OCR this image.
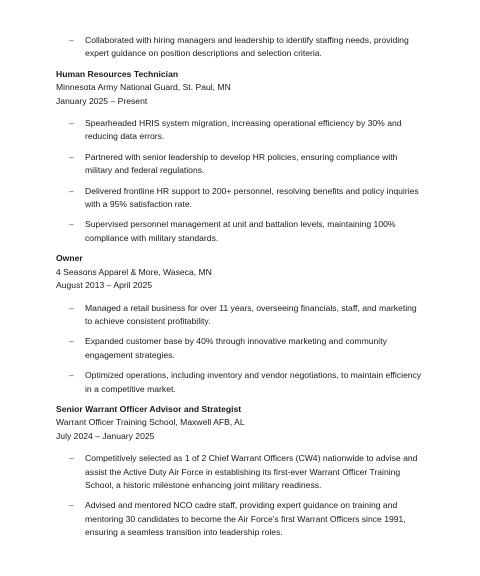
– Collaborated with hiring managers and leadership to identify staffing needs, providing expert guidance on position descriptions and selection criteria.

Human Resources Technician

Minnesota Army National Guard, St. Paul, MN

January 2025 – Present

– Spearheaded HRIS system migration, increasing operational efficiency by 30% and reducing data errors.
– Partnered with senior leadership to develop HR policies, ensuring compliance with military and federal regulations.
– Delivered frontline HR support to 200+ personnel, resolving benefits and policy inquiries with a 95% satisfaction rate.
– Supervised personnel management at unit and battalion levels, maintaining 100% compliance with military standards.

Owner

4 Seasons Apparel & More, Waseca, MN

August 2013 – April 2025

– Managed a retail business for over 11 years, overseeing financials, staff, and marketing to achieve consistent profitability.
– Expanded customer base by 40% through innovative marketing and community engagement strategies.
– Optimized operations, including inventory and vendor negotiations, to maintain efficiency in a competitive market.

Senior Warrant Officer Advisor and Strategist

Warrant Officer Training School, Maxwell AFB, AL

July 2024 – January 2025

– Competitively selected as 1 of 2 Chief Warrant Officers (CW4) nationwide to advise and assist the Active Duty Air Force in establishing its first-ever Warrant Officer Training School, a historic milestone enhancing joint military readiness.
– Advised and mentored NCO cadre staff, providing expert guidance on training and mentoring 30 candidates to become the Air Force's first Warrant Officers since 1991, ensuring a seamless transition into leadership roles.
